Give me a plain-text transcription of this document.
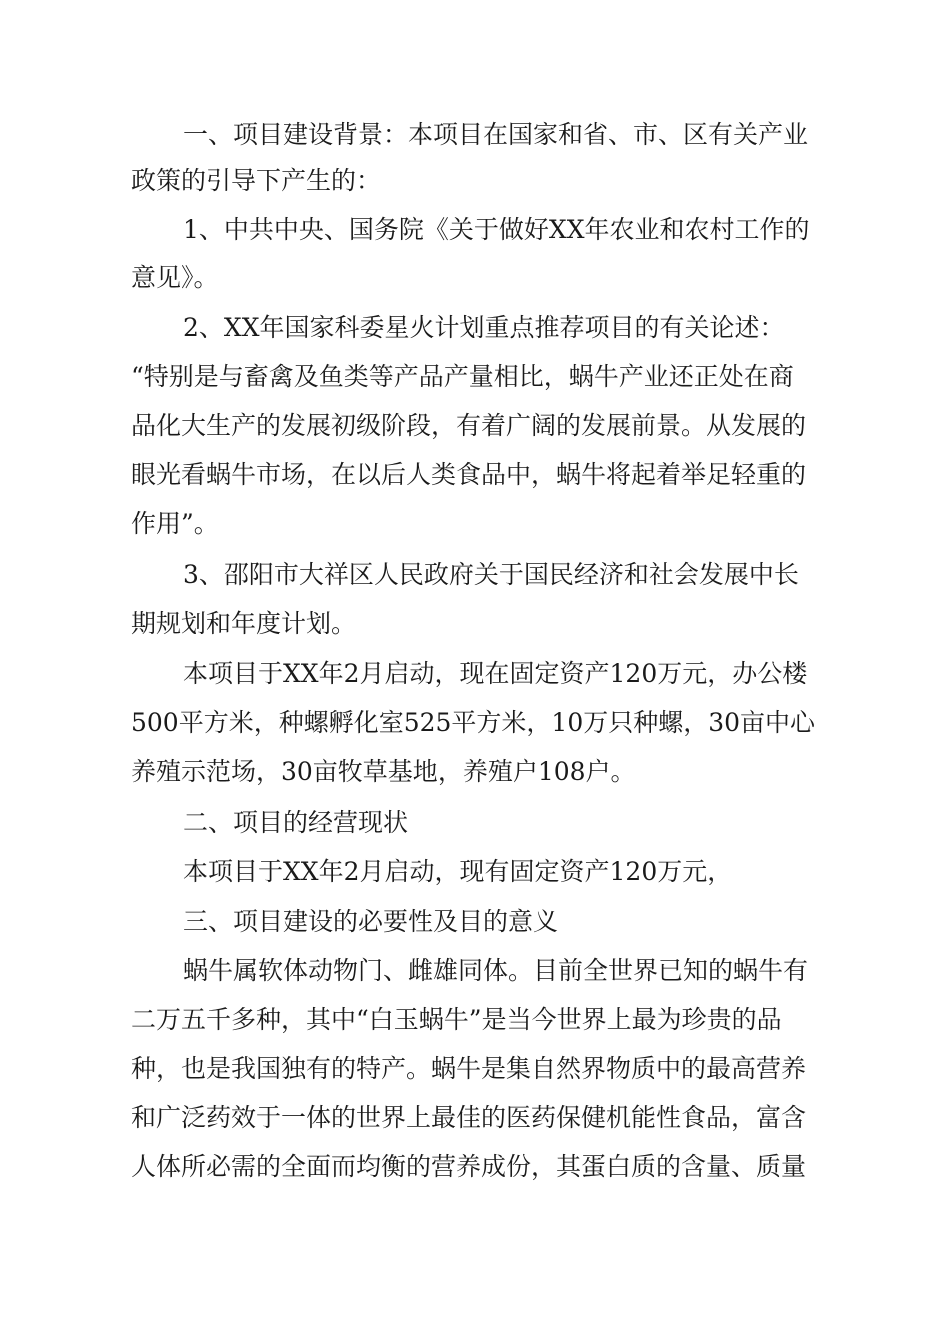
一、项目建设背景：本项目在国家和省、市、区有关产业
政策的引导下产生的：
1、中共中央、国务院《关于做好XX年农业和农村工作的
意见》。
2、XX年国家科委星火计划重点推荐项目的有关论述：
“特别是与畜禽及鱼类等产品产量相比，蜗牛产业还正处在商
品化大生产的发展初级阶段，有着广阔的发展前景。从发展的
眼光看蜗牛市场，在以后人类食品中，蜗牛将起着举足轻重的
作用”。
3、邵阳市大祥区人民政府关于国民经济和社会发展中长
期规划和年度计划。
本项目于XX年2月启动，现在固定资产120万元，办公楼
500平方米，种螺孵化室525平方米，10万只种螺，30亩中心
养殖示范场，30亩牧草基地，养殖户108户。
二、项目的经营现状
本项目于XX年2月启动，现有固定资产120万元，
三、项目建设的必要性及目的意义
蜗牛属软体动物门、雌雄同体。目前全世界已知的蜗牛有
二万五千多种，其中“白玉蜗牛”是当今世界上最为珍贵的品
种，也是我国独有的特产。蜗牛是集自然界物质中的最高营养
和广泛药效于一体的世界上最佳的医药保健机能性食品，富含
人体所必需的全面而均衡的营养成份，其蛋白质的含量、质量
